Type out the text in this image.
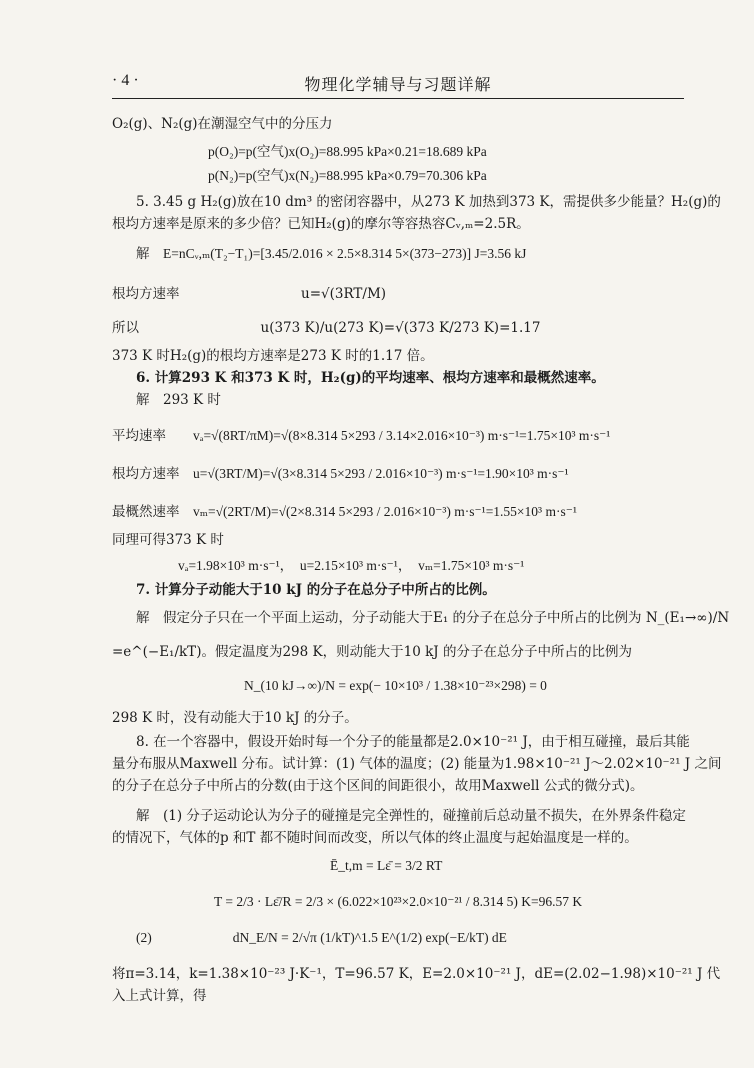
· 4 ·	物理化学辅导与习题详解
O₂(g)、N₂(g)在潮湿空气中的分压力
p(O₂)=p(空气)x(O₂)=88.995 kPa×0.21=18.689 kPa
p(N₂)=p(空气)x(N₂)=88.995 kPa×0.79=70.306 kPa
5. 3.45 g H₂(g)放在10 dm³ 的密闭容器中，从273 K 加热到373 K，需提供多少能量？H₂(g)的
根均方速率是原来的多少倍？已知H₂(g)的摩尔等容热容Cᵥ,ₘ=2.5R。
解　E=nCᵥ,ₘ(T₂−T₁)=[3.45/2.016 × 2.5×8.314 5×(373−273)] J=3.56 kJ
根均方速率　　　　　　　　　u=√(3RT/M)
所以　　　　　　　　　u(373 K)/u(273 K)=√(373 K/273 K)=1.17
373 K 时H₂(g)的根均方速率是273 K 时的1.17 倍。
6. 计算293 K 和373 K 时，H₂(g)的平均速率、根均方速率和最概然速率。
解　293 K 时
平均速率　　vₐ=√(8RT/πM)=√(8×8.314 5×293 / 3.14×2.016×10⁻³) m·s⁻¹=1.75×10³ m·s⁻¹
根均方速率　u=√(3RT/M)=√(3×8.314 5×293 / 2.016×10⁻³) m·s⁻¹=1.90×10³ m·s⁻¹
最概然速率　vₘ=√(2RT/M)=√(2×8.314 5×293 / 2.016×10⁻³) m·s⁻¹=1.55×10³ m·s⁻¹
同理可得373 K 时
vₐ=1.98×10³ m·s⁻¹，　u=2.15×10³ m·s⁻¹，　vₘ=1.75×10³ m·s⁻¹
7. 计算分子动能大于10 kJ 的分子在总分子中所占的比例。
解　假定分子只在一个平面上运动，分子动能大于E₁ 的分子在总分子中所占的比例为 N_(E₁→∞)/N
=e^(−E₁/kT)。假定温度为298 K，则动能大于10 kJ 的分子在总分子中所占的比例为
N_(10 kJ→∞)/N = exp(− 10×10³ / 1.38×10⁻²³×298) = 0
298 K 时，没有动能大于10 kJ 的分子。
8. 在一个容器中，假设开始时每一个分子的能量都是2.0×10⁻²¹ J，由于相互碰撞，最后其能
量分布服从Maxwell 分布。试计算：(1) 气体的温度；(2) 能量为1.98×10⁻²¹ J～2.02×10⁻²¹ J 之间
的分子在总分子中所占的分数(由于这个区间的间距很小，故用Maxwell 公式的微分式)。
解　(1) 分子运动论认为分子的碰撞是完全弹性的，碰撞前后总动量不损失，在外界条件稳定
的情况下，气体的p 和T 都不随时间而改变，所以气体的终止温度与起始温度是一样的。
Ē_t,m = Lε̄ = 3/2 RT
T = 2/3 · Lε̄/R = 2/3 × (6.022×10²³×2.0×10⁻²¹ / 8.314 5) K=96.57 K
(2)　　　　　　dN_E/N = 2/√π (1/kT)^1.5 E^(1/2) exp(−E/kT) dE
将π=3.14，k=1.38×10⁻²³ J·K⁻¹，T=96.57 K，E=2.0×10⁻²¹ J，dE=(2.02−1.98)×10⁻²¹ J 代
入上式计算，得
